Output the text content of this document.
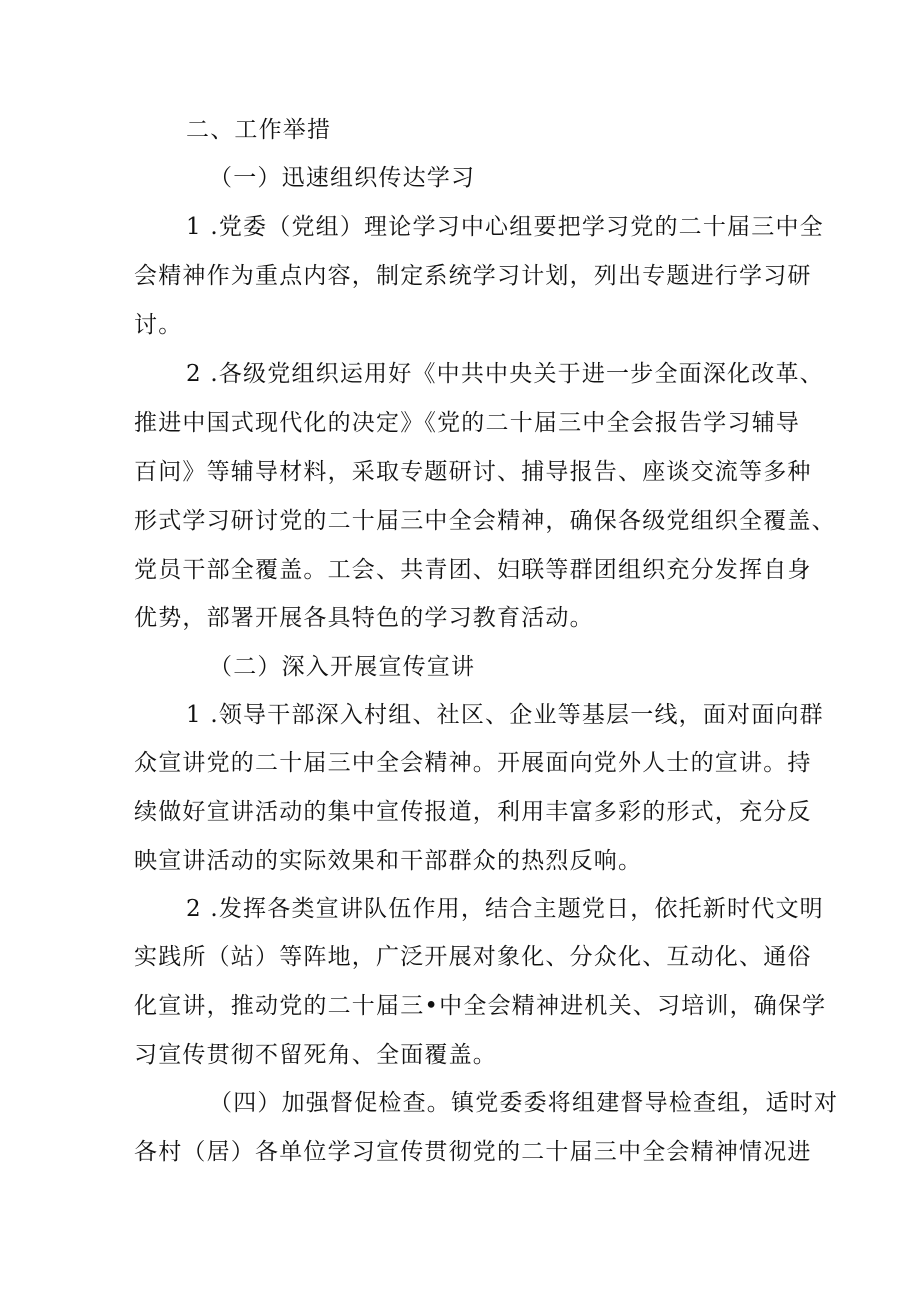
二、工作举措
（一）迅速组织传达学习
1 .党委（党组）理论学习中心组要把学习党的二十届三中全
会精神作为重点内容，制定系统学习计划，列出专题进行学习研
讨。
2 .各级党组织运用好《中共中央关于进一步全面深化改革、
推进中国式现代化的决定》《党的二十届三中全会报告学习辅导
百问》等辅导材料，采取专题研讨、捕导报告、座谈交流等多种
形式学习研讨党的二十届三中全会精神，确保各级党组织全覆盖、
党员干部全覆盖。工会、共青团、妇联等群团组织充分发挥自身
优势，部署开展各具特色的学习教育活动。
（二）深入开展宣传宣讲
1 .领导干部深入村组、社区、企业等基层一线，面对面向群
众宣讲党的二十届三中全会精神。开展面向党外人士的宣讲。持
续做好宣讲活动的集中宣传报道，利用丰富多彩的形式，充分反
映宣讲活动的实际效果和干部群众的热烈反响。
2 .发挥各类宣讲队伍作用，结合主题党日，依托新时代文明
实践所（站）等阵地，广泛开展对象化、分众化、互动化、通俗
化宣讲，推动党的二十届三•中全会精神进机关、习培训，确保学
习宣传贯彻不留死角、全面覆盖。
（四）加强督促检查。镇党委委将组建督导检查组，适时对
各村（居）各单位学习宣传贯彻党的二十届三中全会精神情况进
